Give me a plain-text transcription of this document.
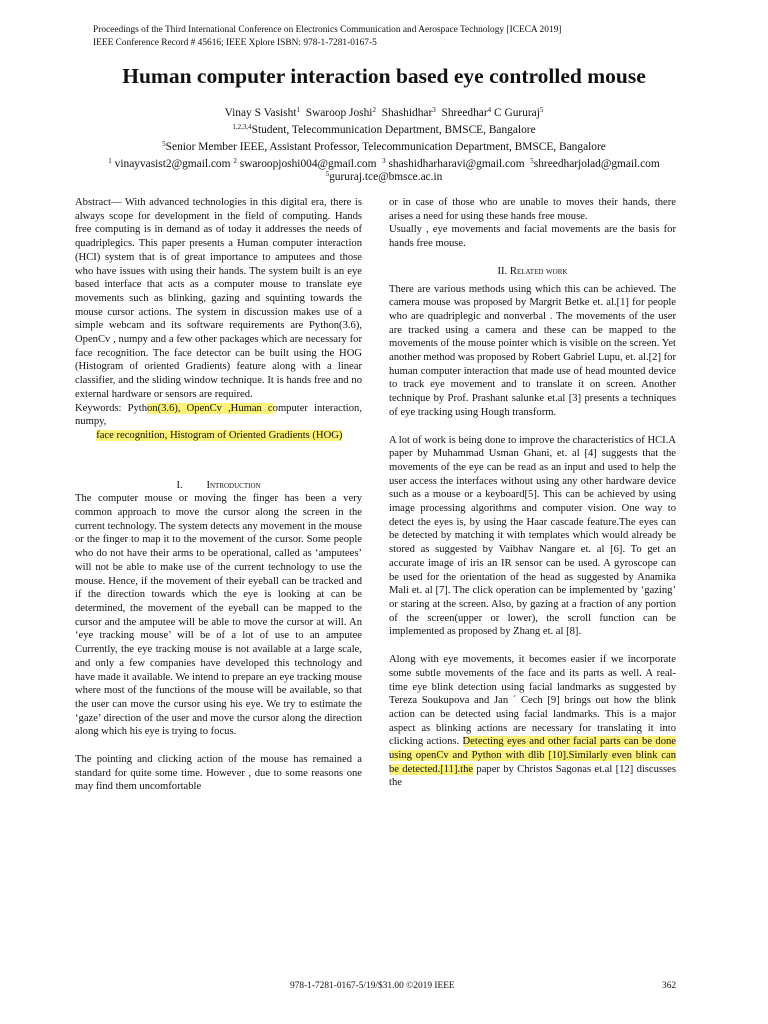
Proceedings of the Third International Conference on Electronics Communication and Aerospace Technology [ICECA 2019]
IEEE Conference Record # 45616; IEEE Xplore ISBN: 978-1-7281-0167-5
Human computer interaction based eye controlled mouse
Vinay S Vasisht$^1$ Swaroop Joshi$^2$ Shashidhar$^3$ Shreedhar$^4$ C Gururaj$^5$
$^{1,2,3,4}$Student, Telecommunication Department, BMSCE, Bangalore
$^5$Senior Member IEEE, Assistant Professor, Telecommunication Department, BMSCE, Bangalore
$^1$ vinayvasist2@gmail.com $^2$ swaroopjoshi004@gmail.com $^3$ shashidharharavi@gmail.com $^5$shreedharjolad@gmail.com
$^5$gururaj.tce@bmsce.ac.in

Abstract— With advanced technologies in this digital era, there is always scope for development in the field of computing. Hands free computing is in demand as of today it addresses the needs of quadriplegics. This paper presents a Human computer interaction (HCI) system that is of great importance to amputees and those who have issues with using their hands. The system built is an eye based interface that acts as a computer mouse to translate eye movements such as blinking, gazing and squinting towards the mouse cursor actions. The system in discussion makes use of a simple webcam and its software requirements are Python(3.6), OpenCv , numpy and a few other packages which are necessary for face recognition. The face detector can be built using the HOG (Histogram of oriented Gradients) feature along with a linear classifier, and the sliding window technique. It is hands free and no external hardware or sensors are required.

Keywords: Python(3.6), OpenCv ,Human computer interaction, numpy,

face recognition, Histogram of Oriented Gradients (HOG)

I. Introduction

The computer mouse or moving the finger has been a very common approach to move the cursor along the screen in the current technology. The system detects any movement in the mouse or the finger to map it to the movement of the cursor. Some people who do not have their arms to be operational, called as ‘amputees’ will not be able to make use of the current technology to use the mouse. Hence, if the movement of their eyeball can be tracked and if the direction towards which the eye is looking at can be determined, the movement of the eyeball can be mapped to the cursor and the amputee will be able to move the cursor at will. An ‘eye tracking mouse’ will be of a lot of use to an amputee Currently, the eye tracking mouse is not available at a large scale, and only a few companies have developed this technology and have made it available. We intend to prepare an eye tracking mouse where most of the functions of the mouse will be available, so that the user can move the cursor using his eye. We try to estimate the ‘gaze’ direction of the user and move the cursor along the direction along which his eye is trying to focus.

The pointing and clicking action of the mouse has remained a standard for quite some time. However , due to some reasons one may find them uncomfortable

or in case of those who are unable to moves their hands, there arises a need for using these hands free mouse.

Usually , eye movements and facial movements are the basis for hands free mouse.

II. Related work

There are various methods using which this can be achieved. The camera mouse was proposed by Margrit Betke et. al.[1] for people who are quadriplegic and nonverbal . The movements of the user are tracked using a camera and these can be mapped to the movements of the mouse pointer which is visible on the screen. Yet another method was proposed by Robert Gabriel Lupu, et. al.[2] for human computer interaction that made use of head mounted device to track eye movement and to translate it on screen. Another technique by Prof. Prashant salunke et.al [3] presents a techniques of eye tracking using Hough transform.

A lot of work is being done to improve the characteristics of HCI.A paper by Muhammad Usman Ghani, et. al [4] suggests that the movements of the eye can be read as an input and used to help the user access the interfaces without using any other hardware device such as a mouse or a keyboard[5]. This can be achieved by using image processing algorithms and computer vision. One way to detect the eyes is, by using the Haar cascade feature.The eyes can be detected by matching it with templates which would already be stored as suggested by Vaibhav Nangare et. al [6]. To get an accurate image of iris an IR sensor can be used. A gyroscope can be used for the orientation of the head as suggested by Anamika Mali et. al [7]. The click operation can be implemented by ‘gazing’ or staring at the screen. Also, by gazing at a fraction of any portion of the screen(upper or lower), the scroll function can be implemented as proposed by Zhang et. al [8].

Along with eye movements, it becomes easier if we incorporate some subtle movements of the face and its parts as well. A real-time eye blink detection using facial landmarks as suggested by Tereza Soukupova and Jan ´ Cech [9] brings out how the blink action can be detected using facial landmarks. This is a major aspect as blinking actions are necessary for translating it into clicking actions. Detecting eyes and other facial parts can be done using openCv and Python with dlib [10].Similarly even blink can be detected.[11].the paper by Christos Sagonas et.al [12] discusses the

978-1-7281-0167-5/19/$31.00 ©2019 IEEE	362
